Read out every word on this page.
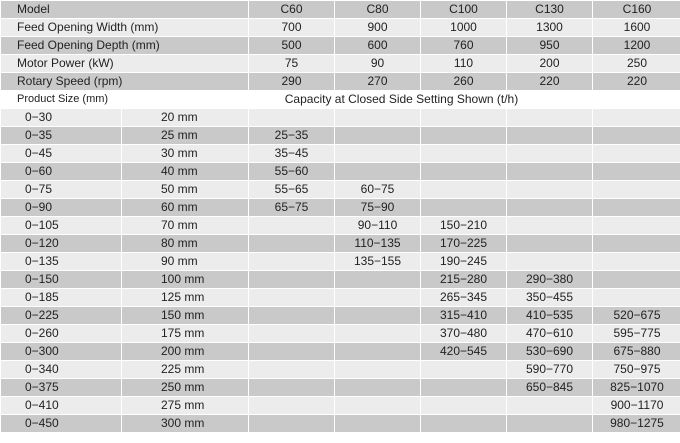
Model		C60	C80	C100	C130	C160
Feed Opening Width (mm)		700	900	1000	1300	1600
Feed Opening Depth (mm)		500	600	760	950	1200
Motor Power (kW)		75	90	110	200	250
Rotary Speed (rpm)		290	270	260	220	220
Product Size (mm)	Capacity at Closed Side Setting Shown (t/h)					
0−30	20 mm					
0−35	25 mm	25−35				
0−45	30 mm	35−45				
0−60	40 mm	55−60				
0−75	50 mm	55−65	60−75			
0−90	60 mm	65−75	75−90			
0−105	70 mm		90−110	150−210		
0−120	80 mm		110−135	170−225		
0−135	90 mm		135−155	190−245		
0−150	100 mm			215−280	290−380	
0−185	125 mm			265−345	350−455	
0−225	150 mm			315−410	410−535	520−675
0−260	175 mm			370−480	470−610	595−775
0−300	200 mm			420−545	530−690	675−880
0−340	225 mm				590−770	750−975
0−375	250 mm				650−845	825−1070
0−410	275 mm					900−1170
0−450	300 mm					980−1275
